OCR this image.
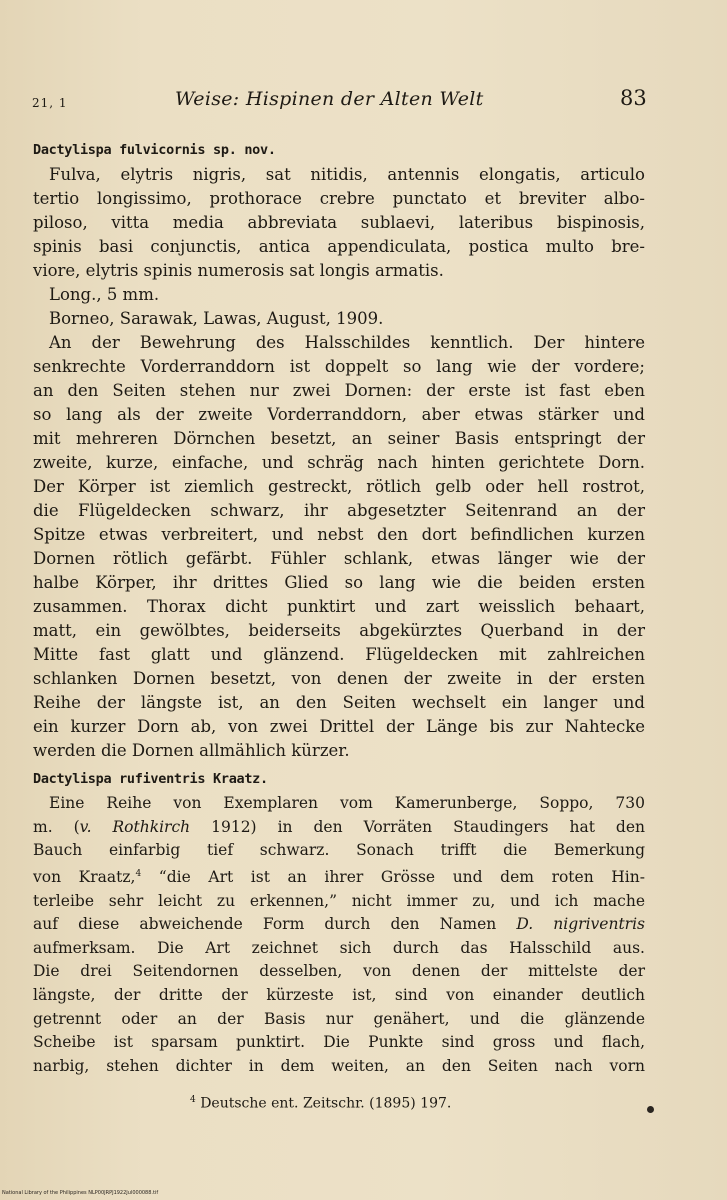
21, 1	Weise: Hispinen der Alten Welt	83
Dactylispa fulvicornis sp. nov.

Fulva, elytris nigris, sat nitidis, antennis elongatis, articulo
tertio longissimo, prothorace crebre punctato et breviter albo-
piloso, vitta media abbreviata sublaevi, lateribus bispinosis,
spinis basi conjunctis, antica appendiculata, postica multo bre-
viore, elytris spinis numerosis sat longis armatis.
Long., 5 mm.
Borneo, Sarawak, Lawas, August, 1909.

An der Bewehrung des Halsschildes kenntlich. Der hintere
senkrechte Vorderranddorn ist doppelt so lang wie der vordere;
an den Seiten stehen nur zwei Dornen: der erste ist fast eben
so lang als der zweite Vorderranddorn, aber etwas stärker und
mit mehreren Dörnchen besetzt, an seiner Basis entspringt der
zweite, kurze, einfache, und schräg nach hinten gerichtete Dorn.
Der Körper ist ziemlich gestreckt, rötlich gelb oder hell rostrot,
die Flügeldecken schwarz, ihr abgesetzter Seitenrand an der
Spitze etwas verbreitert, und nebst den dort befindlichen kurzen
Dornen rötlich gefärbt. Fühler schlank, etwas länger wie der
halbe Körper, ihr drittes Glied so lang wie die beiden ersten
zusammen. Thorax dicht punktirt und zart weisslich behaart,
matt, ein gewölbtes, beiderseits abgekürztes Querband in der
Mitte fast glatt und glänzend. Flügeldecken mit zahlreichen
schlanken Dornen besetzt, von denen der zweite in der ersten
Reihe der längste ist, an den Seiten wechselt ein langer und
ein kurzer Dorn ab, von zwei Drittel der Länge bis zur Nahtecke
werden die Dornen allmählich kürzer.

Dactylispa rufiventris Kraatz.

Eine Reihe von Exemplaren vom Kamerunberge, Soppo, 730
m. (v. Rothkirch 1912) in den Vorräten Staudingers hat den
Bauch einfarbig tief schwarz. Sonach trifft die Bemerkung
von Kraatz,$^4$ “die Art ist an ihrer Grösse und dem roten Hin-
terleibe sehr leicht zu erkennen,” nicht immer zu, und ich mache
auf diese abweichende Form durch den Namen D. nigriventris
aufmerksam. Die Art zeichnet sich durch das Halsschild aus.
Die drei Seitendornen desselben, von denen der mittelste der
längste, der dritte der kürzeste ist, sind von einander deutlich
getrennt oder an der Basis nur genähert, und die glänzende
Scheibe ist sparsam punktirt. Die Punkte sind gross und flach,
narbig, stehen dichter in dem weiten, an den Seiten nach vorn

$^4$ Deutsche ent. Zeitschr. (1895) 197.
National Library of the Philippines NLP00JRPJ1922Jul000088.tif
